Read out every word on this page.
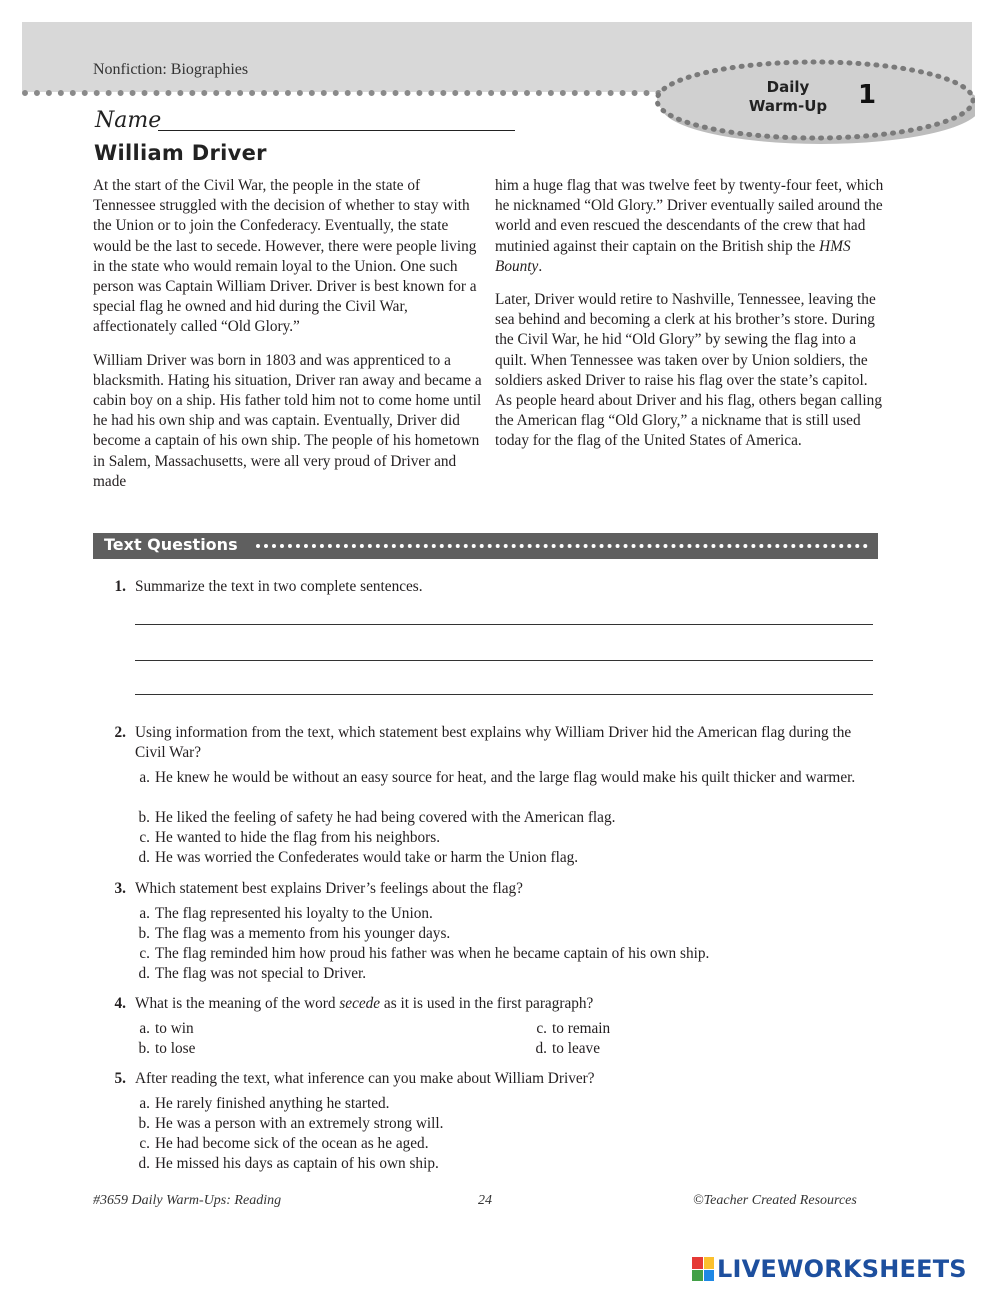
Nonfiction: Biographies
Daily
Warm-Up	1
Name
William Driver

At the start of the Civil War, the people in the state of Tennessee struggled with the decision of whether to stay with the Union or to join the Confederacy. Eventually, the state would be the last to secede. However, there were people living in the state who would remain loyal to the Union. One such person was Captain William Driver. Driver is best known for a special flag he owned and hid during the Civil War, affectionately called “Old Glory.”

William Driver was born in 1803 and was apprenticed to a blacksmith. Hating his situation, Driver ran away and became a cabin boy on a ship. His father told him not to come home until he had his own ship and was captain. Eventually, Driver did become a captain of his own ship. The people of his hometown in Salem, Massachusetts, were all very proud of Driver and made

him a huge flag that was twelve feet by twenty-four feet, which he nicknamed “Old Glory.” Driver eventually sailed around the world and even rescued the descendants of the crew that had mutinied against their captain on the British ship the HMS Bounty.

Later, Driver would retire to Nashville, Tennessee, leaving the sea behind and becoming a clerk at his brother’s store. During the Civil War, he hid “Old Glory” by sewing the flag into a quilt. When Tennessee was taken over by Union soldiers, the soldiers asked Driver to raise his flag over the state’s capitol. As people heard about Driver and his flag, others began calling the American flag “Old Glory,” a nickname that is still used today for the flag of the United States of America.

Text Questions
1. Summarize the text in two complete sentences.
2. Using information from the text, which statement best explains why William Driver hid the American flag during the Civil War?
a. He knew he would be without an easy source for heat, and the large flag would make his quilt thicker and warmer.
b. He liked the feeling of safety he had being covered with the American flag.
c. He wanted to hide the flag from his neighbors.
d. He was worried the Confederates would take or harm the Union flag.
3. Which statement best explains Driver’s feelings about the flag?
a. The flag represented his loyalty to the Union.
b. The flag was a memento from his younger days.
c. The flag reminded him how proud his father was when he became captain of his own ship.
d. The flag was not special to Driver.
4. What is the meaning of the word secede as it is used in the first paragraph?
a. to win
b. to lose
c. to remain
d. to leave
5. After reading the text, what inference can you make about William Driver?
a. He rarely finished anything he started.
b. He was a person with an extremely strong will.
c. He had become sick of the ocean as he aged.
d. He missed his days as captain of his own ship.
#3659 Daily Warm-Ups: Reading	24	©Teacher Created Resources
LIVEWORKSHEETS
